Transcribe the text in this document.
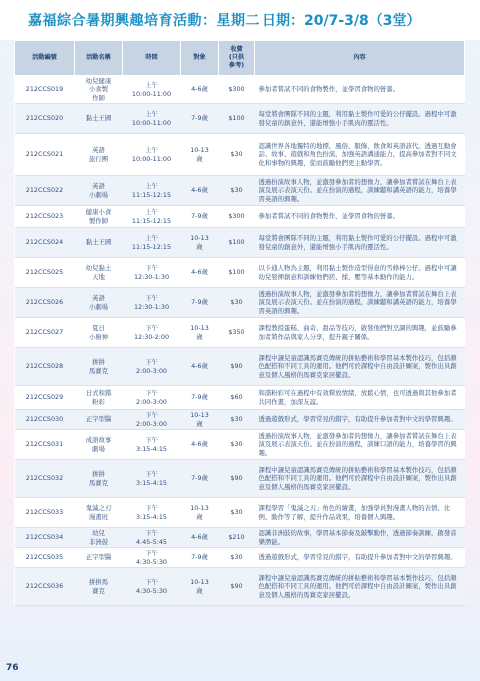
嘉福綜合暑期興趣培育活動：星期二 日期：20/7-3/8（3堂）
活動編號	活動名稱	時間	對象	收費
(只供
參考)	內容
212CCS019	幼兒健康
小食製
作師	上午
10:00-11:00	4-6歲	$300	參加者嘗試不同的食物製作，並學習食物的營養。
212CCS020	黏土王國	上午
10:00-11:00	7-9歲	$100	每堂將會團隊不同的主題，利用黏土製作可愛的公仔擺設。過程中可激發兒童的創意外，還能增強小手肌肉的靈活性。
212CCS021	英語
旅行團	上午
10:00-11:00	10-13
歲	$30	認識世界各地獨特的地標、風俗、服飾、飲食和英語該代。透過互動會話、故事、遊戲和角色扮演，加強英語溝通能力，提高參加者對不同文化和事物的興趣，從而鼓勵他們更主動學習。
212CCS022	英語
小劇場	上午
11:15-12:15	4-6歲	$30	透過扮演故事人物，並激發參加者的想像力，讓參加者嘗試在舞台上表演及展示表演天份。並在扮演的過程，訓練聽和講英語的能力，培養學習英語的興趣。
212CCS023	健康小食
製作師	上午
11:15-12:15	7-9歲	$300	參加者嘗試不同的食物製作，並學習食物的營養。
212CCS024	黏土王國	上午
11:15-12:15	10-13
歲	$100	每堂將會團隊不同的主題，利用黏土製作可愛的公仔擺設。過程中可激發兒童的創意外，還能增強小手肌肉的靈活性。
212CCS025	幼兒黏土
天地	下午
12:30-1:30	4-6歲	$100	以卡通人物為主題，利用黏土製作造型得意的雪條棒公仔。過程中可讓幼兒發揮創意和訓練他們搓、揉、壓等基本動作的能力。
212CCS026	英語
小劇場	下午
12:30-1:30	7-9歲	$30	透過扮演故事人物，並激發參加者的想像力，讓參加者嘗試在舞台上表演及展示表演天份。並在扮演的過程，訓練聽和講英語的能力，培養學習英語的興趣。
212CCS027	夏日
小廚神	下午
12:30-2:00	10-13
歲	$350	課程教授蛋糕、曲奇、甜品等技巧，啟發他們對烹調的興趣，並鼓勵參加者將作品與家人分享，提升親子關係。
212CCS028	拼拼
馬賽克	下午
2:00-3:00	4-6歲	$90	課程中讓兒童認識馬賽克傳統的拼貼藝術和學習基本製作技巧，包括顏色配搭和不同工具的運用。他們可於課程中自由設計圖案，製作出具創意及個人風格的馬賽克家居擺設。
212CCS029	日式和錯
粉彩	下午
2:00-3:00	7-9歲	$60	和諧粉彩可在過程中有效釋放情緒，放鬆心情，也可透過與其他參加者共同作畫，加深友誼。
212CCS030	正字型醫	下午
2:00-3:00	10-13
歲	$30	透過遊戲形式，學習常見的錯字，有助提升參加者對中文的學習興趣。
212CCS031	成語故事
劇場	下午
3:15-4:15	4-6歲	$30	透過扮演故事人物，並激發參加者的想像力，讓參加者嘗試在舞台上表演及展示表演天份。並在扮演的過程，訓練口語的能力，培養學習的興趣。
212CCS032	拼拼
馬賽克	下午
3:15-4:15	7-9歲	$90	課程中讓兒童認識馬賽克傳統的拼貼藝術和學習基本製作技巧，包括顏色配搭和不同工具的運用。他們可於課程中自由設計圖案，製作出具創意及個人風格的馬賽克家居擺設。
212CCS033	鬼滅之刃
漫畫班	下午
3:15-4:15	10-13
歲	$30	課程學習「鬼滅之刃」角色的繪畫，加強學員對漫畫人物的表情、比例、動作等了解，提升作品效果，培養個人興趣。
212CCS034	幼兒
非洲鼓	下午
4:45-5:45	4-6歲	$210	認識非洲鼓的故事，學習基本節奏及敲擊動作，透過節奏訓練，啟發音樂潛能。
212CCS035	正字型醫	下午
4:30-5:30	7-9歲	$30	透過遊戲形式，學習常見的錯字，有助提升參加者對中文的學習興趣。
212CCS036	拼拼馬
賽克	下午
4:30-5:30	10-13
歲	$90	課程中讓兒童認識馬賽克傳統的拼貼藝術和學習基本製作技巧，包括顏色配搭和不同工具的運用。他們可於課程中自由設計圖案，製作出具創意及個人風格的馬賽克家居擺設。
76
